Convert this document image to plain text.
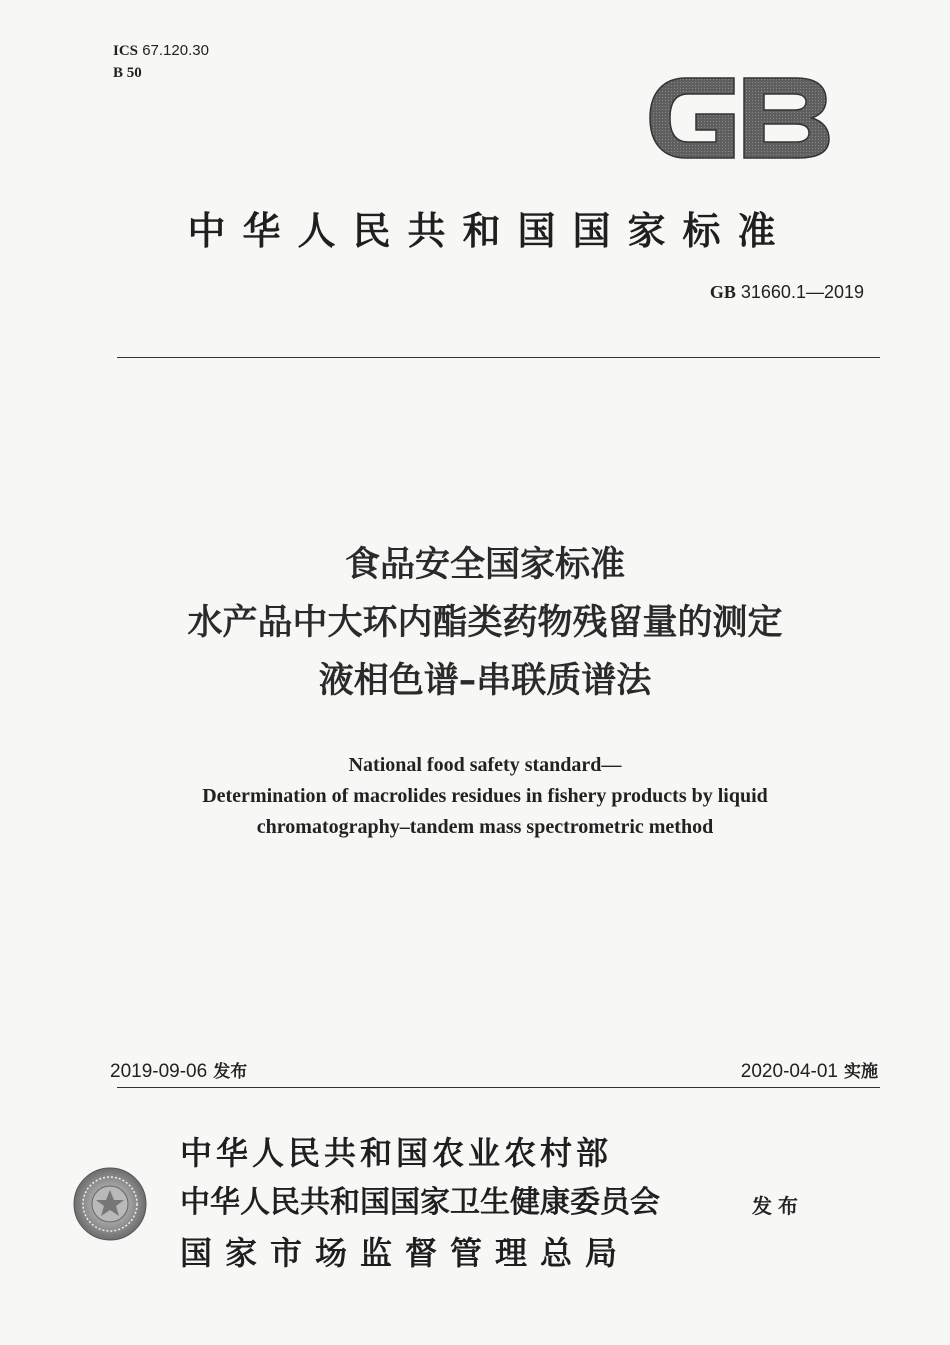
ICS 67.120.30
B 50
中华人民共和国国家标准
GB 31660.1—2019
食品安全国家标准
水产品中大环内酯类药物残留量的测定
液相色谱–串联质谱法
National food safety standard—
Determination of macrolides residues in fishery products by liquid
chromatography–tandem mass spectrometric method
2019-09-06 发布	2020-04-01 实施
中华人民共和国农业农村部
中华人民共和国国家卫生健康委员会
国家市场监督管理总局
发布
